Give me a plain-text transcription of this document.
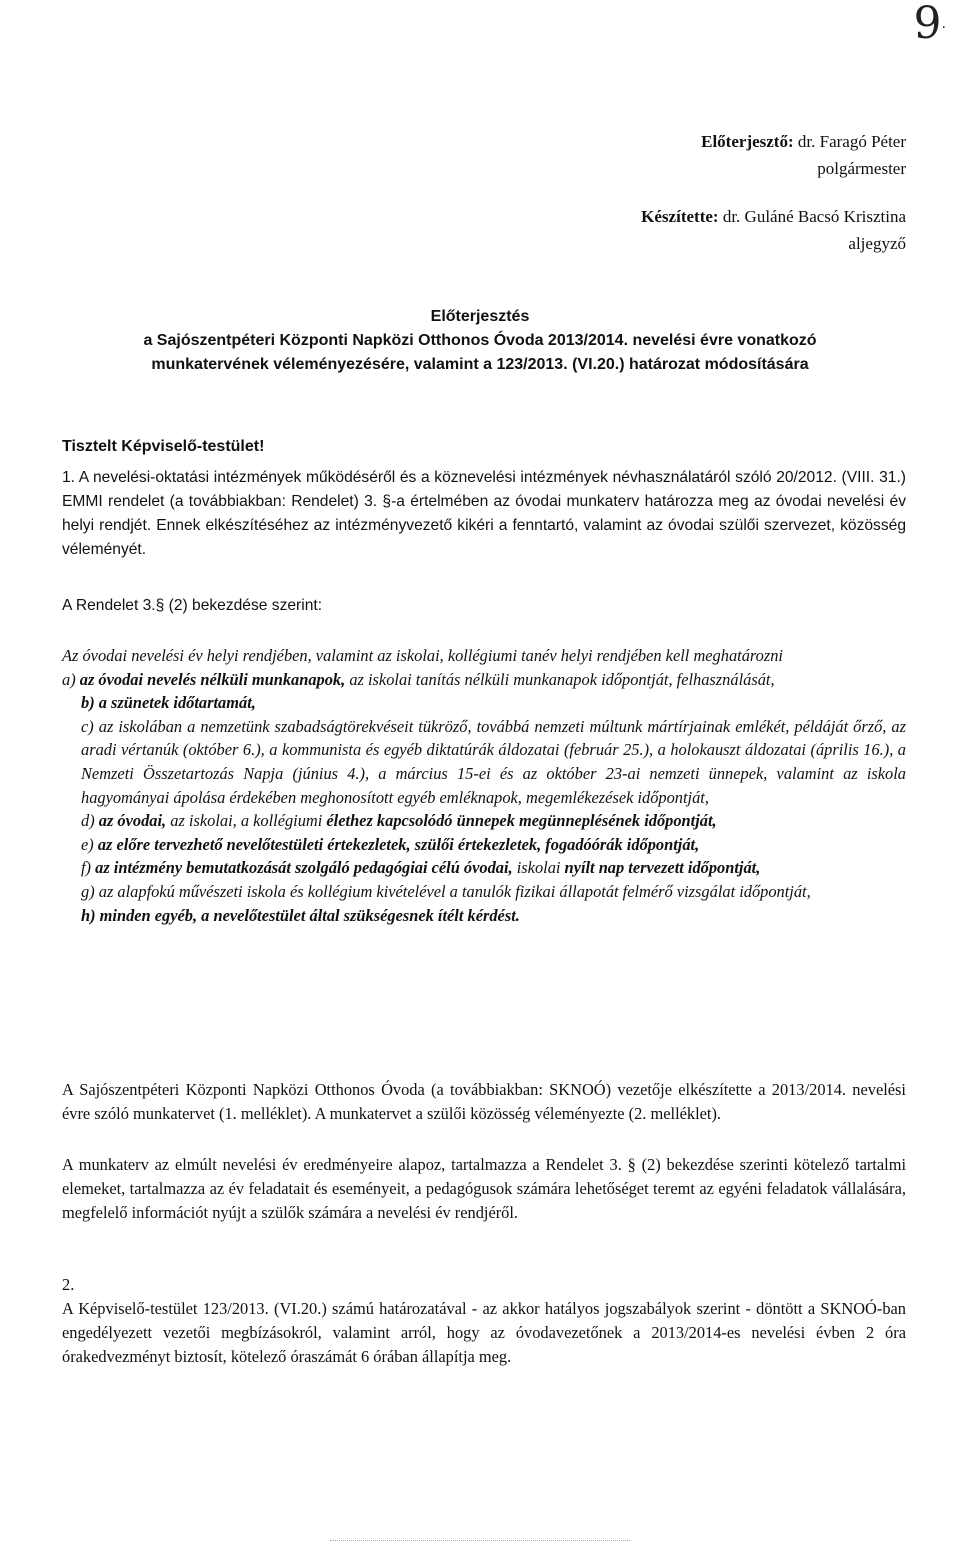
9.
Előterjesztő: dr. Faragó Péter
polgármester
Készítette: dr. Guláné Bacsó Krisztina
aljegyző
Előterjesztés
a Sajószentpéteri Központi Napközi Otthonos Óvoda 2013/2014. nevelési évre vonatkozó
munkatervének véleményezésére, valamint a 123/2013. (VI.20.) határozat módosítására
Tisztelt Képviselő-testület!
1. A nevelési-oktatási intézmények működéséről és a köznevelési intézmények névhasználatáról szóló 20/2012. (VIII. 31.) EMMI rendelet (a továbbiakban: Rendelet) 3. §-a értelmében az óvodai munkaterv határozza meg az óvodai nevelési év helyi rendjét. Ennek elkészítéséhez az intézményvezető kikéri a fenntartó, valamint az óvodai szülői szervezet, közösség véleményét.
A Rendelet 3.§ (2) bekezdése szerint:

Az óvodai nevelési év helyi rendjében, valamint az iskolai, kollégiumi tanév helyi rendjében kell meghatározni

a) az óvodai nevelés nélküli munkanapok, az iskolai tanítás nélküli munkanapok időpontját, felhasználását,

b) a szünetek időtartamát,

c) az iskolában a nemzetünk szabadságtörekvéseit tükröző, továbbá nemzeti múltunk mártírjainak emlékét, példáját őrző, az aradi vértanúk (október 6.), a kommunista és egyéb diktatúrák áldozatai (február 25.), a holokauszt áldozatai (április 16.), a Nemzeti Összetartozás Napja (június 4.), a március 15-ei és az október 23-ai nemzeti ünnepek, valamint az iskola hagyományai ápolása érdekében meghonosított egyéb emléknapok, megemlékezések időpontját,

d) az óvodai, az iskolai, a kollégiumi élethez kapcsolódó ünnepek megünneplésének időpontját,

e) az előre tervezhető nevelőtestületi értekezletek, szülői értekezletek, fogadóórák időpontját,

f) az intézmény bemutatkozását szolgáló pedagógiai célú óvodai, iskolai nyílt nap tervezett időpontját,

g) az alapfokú művészeti iskola és kollégium kivételével a tanulók fizikai állapotát felmérő vizsgálat időpontját,

h) minden egyéb, a nevelőtestület által szükségesnek ítélt kérdést.

A Sajószentpéteri Központi Napközi Otthonos Óvoda (a továbbiakban: SKNOÓ) vezetője elkészítette a 2013/2014. nevelési évre szóló munkatervet (1. melléklet). A munkatervet a szülői közösség véleményezte (2. melléklet).
A munkaterv az elmúlt nevelési év eredményeire alapoz, tartalmazza a Rendelet 3. § (2) bekezdése szerinti kötelező tartalmi elemeket, tartalmazza az év feladatait és eseményeit, a pedagógusok számára lehetőséget teremt az egyéni feladatok vállalására, megfelelő információt nyújt a szülők számára a nevelési év rendjéről.
2.
A Képviselő-testület 123/2013. (VI.20.) számú határozatával - az akkor hatályos jogszabályok szerint - döntött a SKNOÓ-ban engedélyezett vezetői megbízásokról, valamint arról, hogy az óvodavezetőnek a 2013/2014-es nevelési évben 2 óra órakedvezményt biztosít, kötelező óraszámát 6 órában állapítja meg.
